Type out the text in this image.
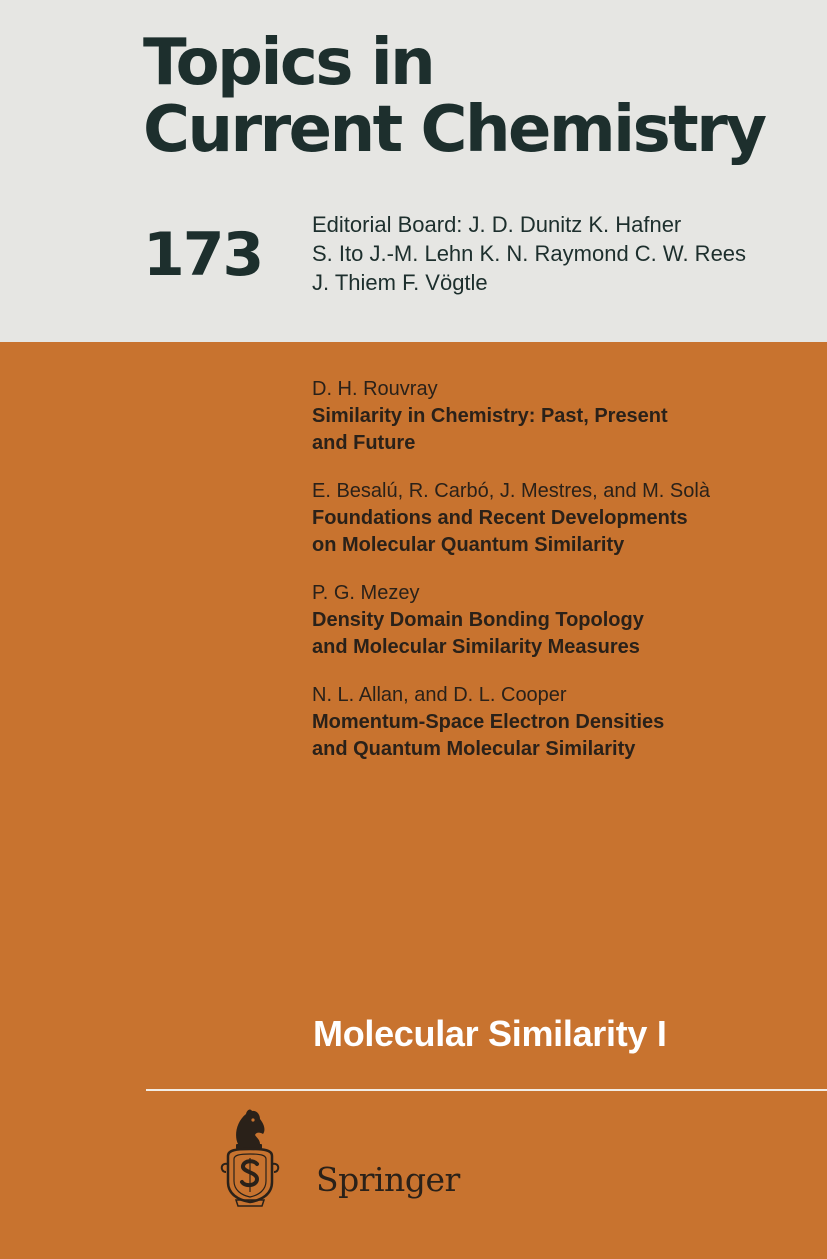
Topics in
Current Chemistry
173 Editorial Board: J. D. Dunitz K. Hafner
S. Ito J.-M. Lehn K. N. Raymond C. W. Rees
J. Thiem F. Vögtle
D. H. Rouvray
Similarity in Chemistry: Past, Present
and Future
E. Besalú, R. Carbó, J. Mestres, and M. Solà
Foundations and Recent Developments
on Molecular Quantum Similarity
P. G. Mezey
Density Domain Bonding Topology
and Molecular Similarity Measures
N. L. Allan, and D. L. Cooper
Momentum-Space Electron Densities
and Quantum Molecular Similarity
Molecular Similarity I
Springer
